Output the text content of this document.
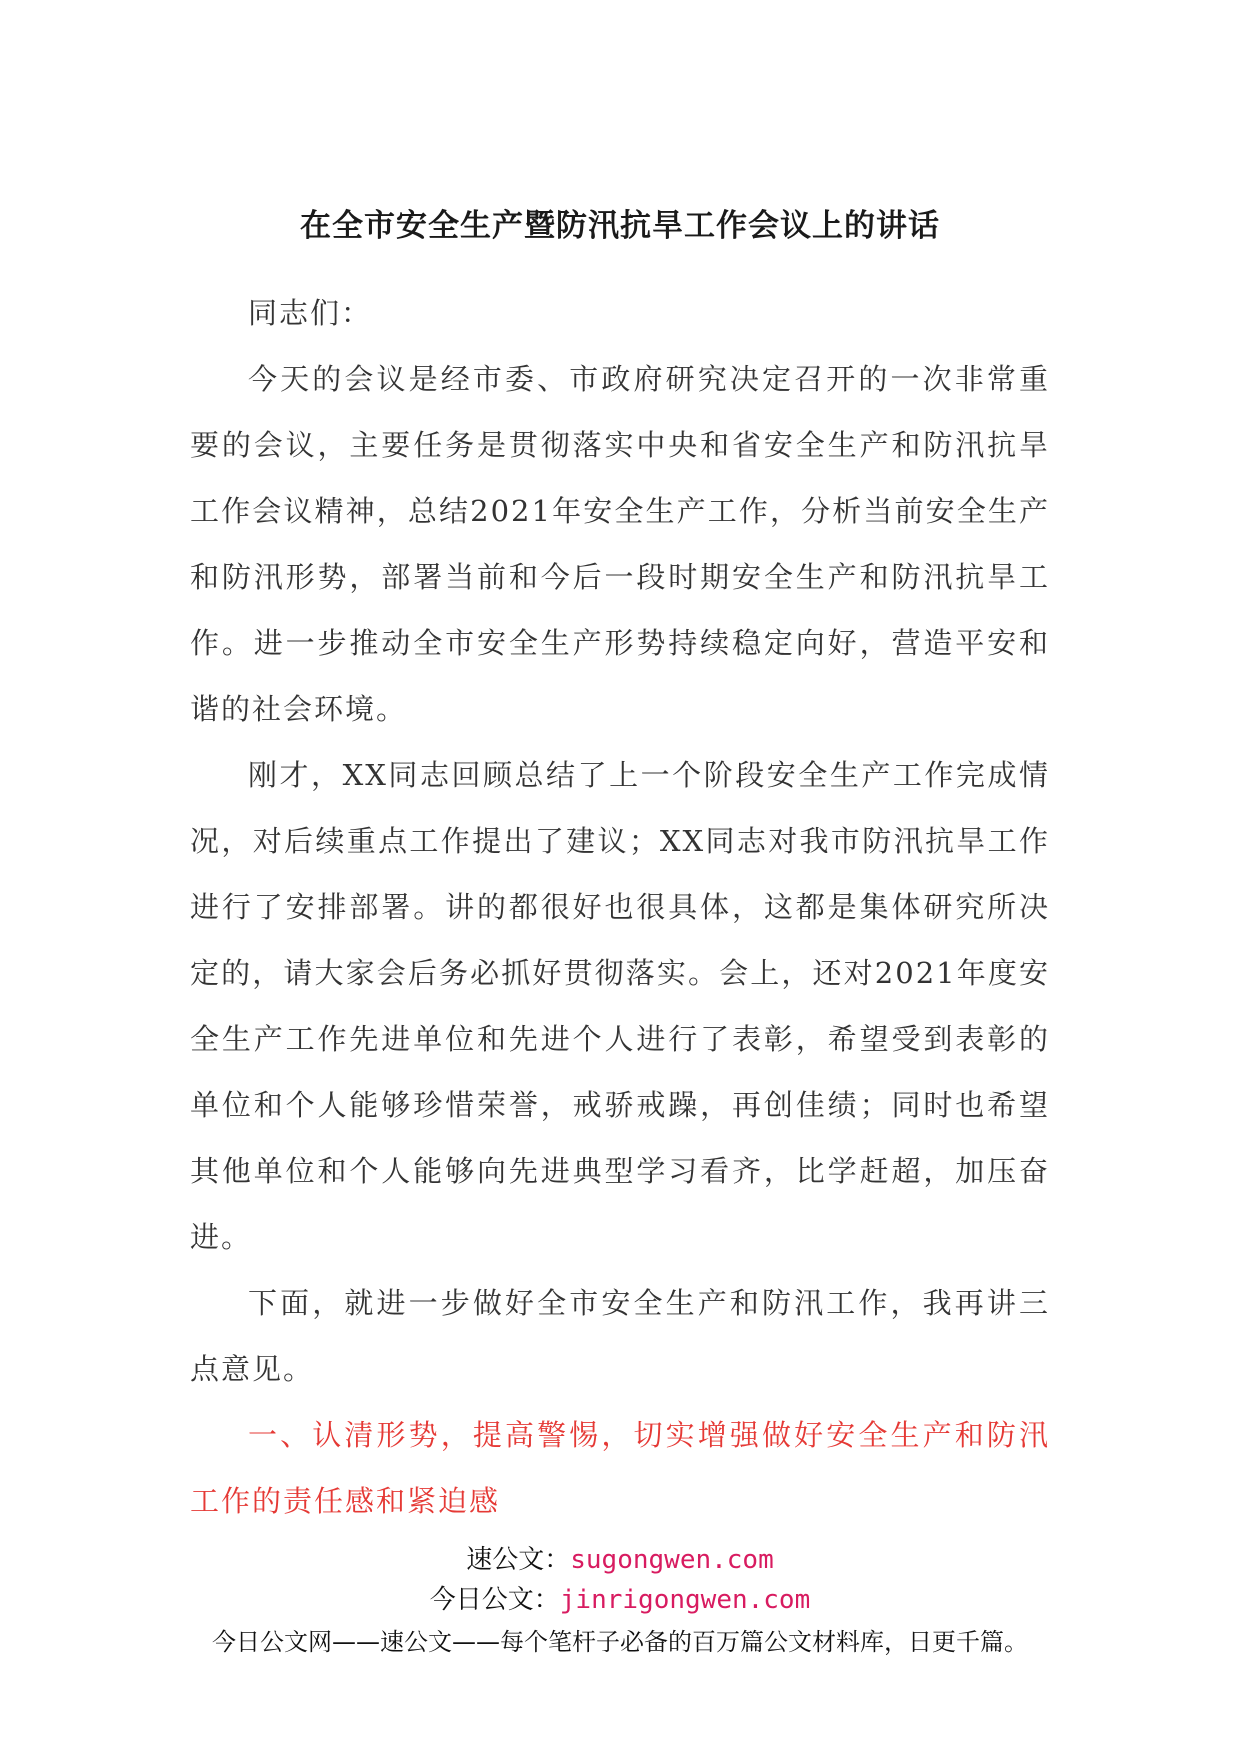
在全市安全生产暨防汛抗旱工作会议上的讲话

同志们：

今天的会议是经市委、市政府研究决定召开的一次非常重要的会议，主要任务是贯彻落实中央和省安全生产和防汛抗旱工作会议精神，总结2021年安全生产工作，分析当前安全生产和防汛形势，部署当前和今后一段时期安全生产和防汛抗旱工作。进一步推动全市安全生产形势持续稳定向好，营造平安和谐的社会环境。

刚才，XX同志回顾总结了上一个阶段安全生产工作完成情况，对后续重点工作提出了建议；XX同志对我市防汛抗旱工作进行了安排部署。讲的都很好也很具体，这都是集体研究所决定的，请大家会后务必抓好贯彻落实。会上，还对2021年度安全生产工作先进单位和先进个人进行了表彰，希望受到表彰的单位和个人能够珍惜荣誉，戒骄戒躁，再创佳绩；同时也希望其他单位和个人能够向先进典型学习看齐，比学赶超，加压奋进。

下面，就进一步做好全市安全生产和防汛工作，我再讲三点意见。

一、认清形势，提高警惕，切实增强做好安全生产和防汛工作的责任感和紧迫感

速公文：sugongwen.com
今日公文：jinrigongwen.com
今日公文网——速公文——每个笔杆子必备的百万篇公文材料库，日更千篇。
